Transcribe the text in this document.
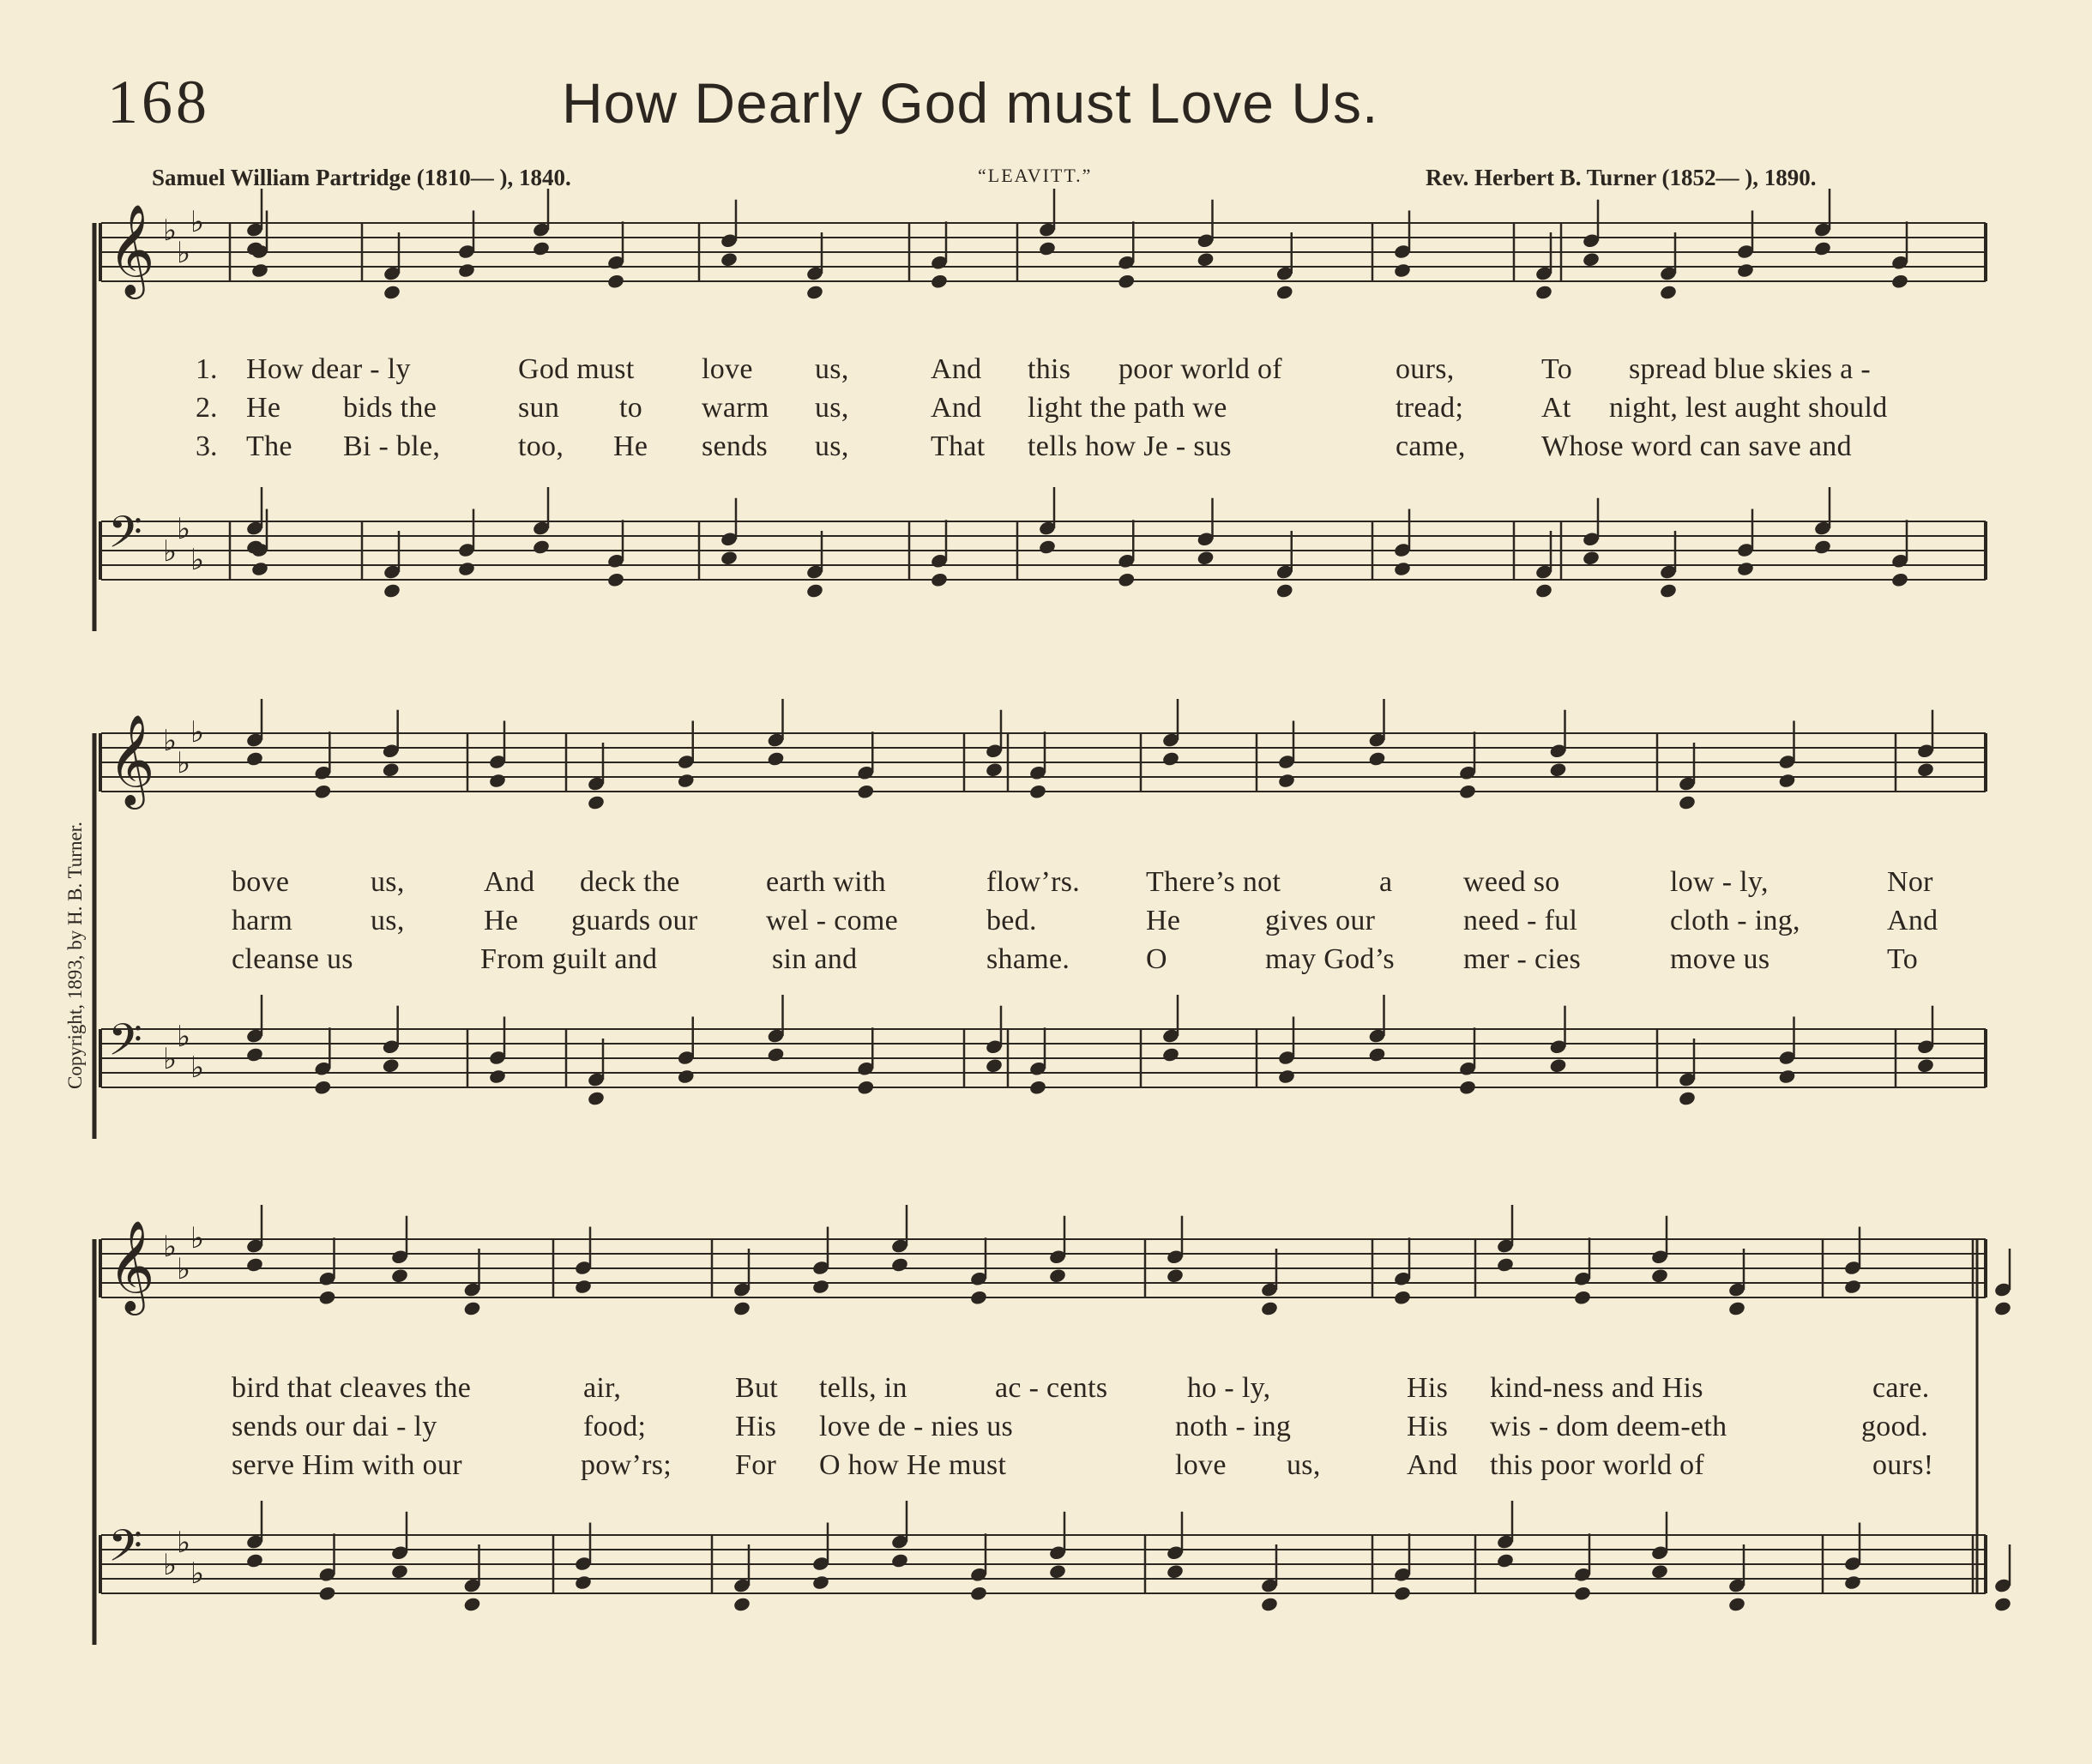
168	How Dearly God must Love Us.
Samuel William Partridge (1810— ), 1840.	“LEAVITT.”	Rev. Herbert B. Turner (1852— ), 1890.
Copyright, 1893, by H. B. Turner.
1. How dear - ly	God must love us,	And this poor world of	ours,	To spread blue skies a -
2. He bids the	sun to warm us,	And light the path we	tread;	At night, lest aught should
3. The Bi - ble,	too, He sends us,	That tells how Je - sus	came,	Whose word can save and
bove	us,	And deck the	earth with	flow’rs. There’s not	a weed so	low - ly,	Nor
harm	us,	He guards our wel - come	bed.	He	gives our	need - ful	cloth - ing,	And
cleanse us	From guilt and	sin and	shame.	O	may God’s mer - cies	move us	To
bird that cleaves the	air,	But tells, in	ac - cents	ho - ly,	His kind-ness and His	care.
sends our dai - ly	food;	His love de - nies us	noth - ing	His wis - dom deem-eth	good.
serve Him with our	pow’rs; For O how He must	love us,	And this poor world of	ours!
𝄞 ♭
♭
♭
𝄢 ♭
♭
♭
𝄞 ♭
♭
♭
𝄢 ♭
♭
♭
𝄞 ♭
♭
♭
𝄢 ♭
♭
♭
